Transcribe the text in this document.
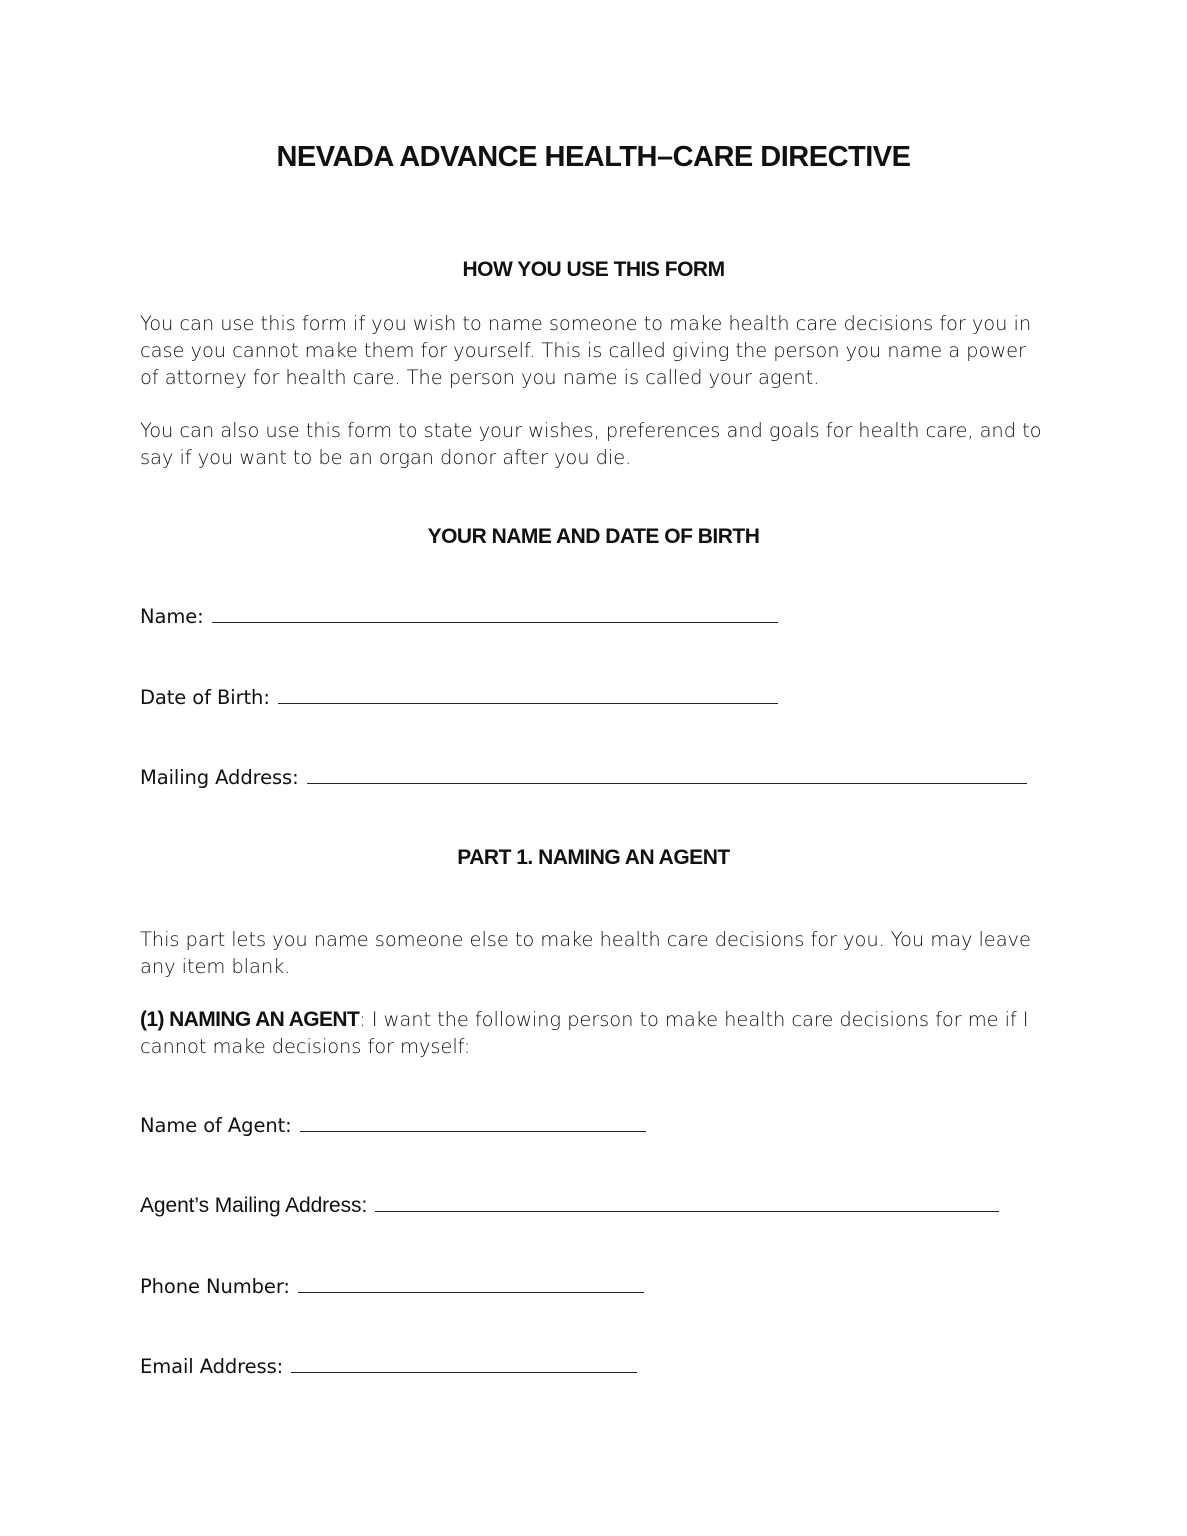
NEVADA ADVANCE HEALTH–CARE DIRECTIVE
HOW YOU USE THIS FORM
You can use this form if you wish to name someone to make health care decisions for you in case you cannot make them for yourself. This is called giving the person you name a power of attorney for health care. The person you name is called your agent.
You can also use this form to state your wishes, preferences and goals for health care, and to say if you want to be an organ donor after you die.
YOUR NAME AND DATE OF BIRTH
Name:
Date of Birth:
Mailing Address:
PART 1. NAMING AN AGENT
This part lets you name someone else to make health care decisions for you. You may leave any item blank.
(1) NAMING AN AGENT: I want the following person to make health care decisions for me if I cannot make decisions for myself:
Name of Agent:
Agent’s Mailing Address:
Phone Number:
Email Address:
